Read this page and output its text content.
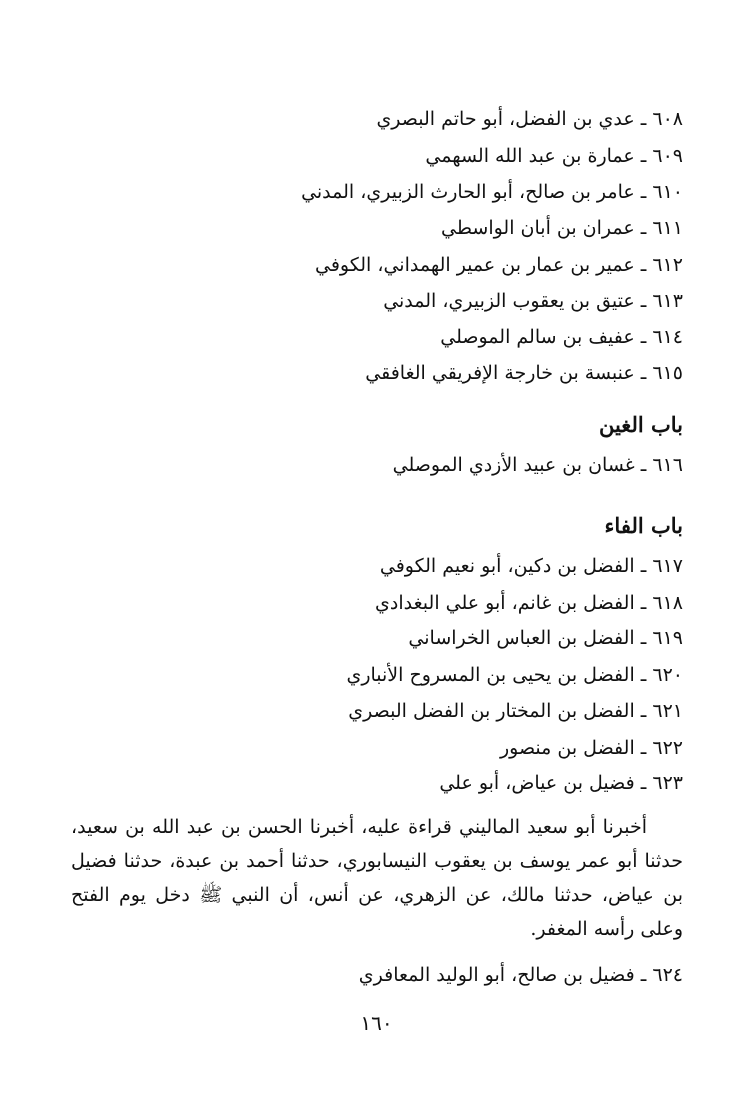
٦٠٨ ـ عدي بن الفضل، أبو حاتم البصري
٦٠٩ ـ عمارة بن عبد الله السهمي
٦١٠ ـ عامر بن صالح، أبو الحارث الزبيري، المدني
٦١١ ـ عمران بن أبان الواسطي
٦١٢ ـ عمير بن عمار بن عمير الهمداني، الكوفي
٦١٣ ـ عتيق بن يعقوب الزبيري، المدني
٦١٤ ـ عفيف بن سالم الموصلي
٦١٥ ـ عنبسة بن خارجة الإفريقي الغافقي
باب الغين
٦١٦ ـ غسان بن عبيد الأزدي الموصلي
باب الفاء
٦١٧ ـ الفضل بن دكين، أبو نعيم الكوفي
٦١٨ ـ الفضل بن غانم، أبو علي البغدادي
٦١٩ ـ الفضل بن العباس الخراساني
٦٢٠ ـ الفضل بن يحيى بن المسروح الأنباري
٦٢١ ـ الفضل بن المختار بن الفضل البصري
٦٢٢ ـ الفضل بن منصور
٦٢٣ ـ فضيل بن عياض، أبو علي
أخبرنا أبو سعيد الماليني قراءة عليه، أخبرنا الحسن بن عبد الله بن سعيد، حدثنا أبو عمر يوسف بن يعقوب النيسابوري، حدثنا أحمد بن عبدة، حدثنا فضيل بن عياض، حدثنا مالك، عن الزهري، عن أنس، أن النبي ﷺ دخل يوم الفتح وعلى رأسه المغفر.
٦٢٤ ـ فضيل بن صالح، أبو الوليد المعافري
١٦٠
